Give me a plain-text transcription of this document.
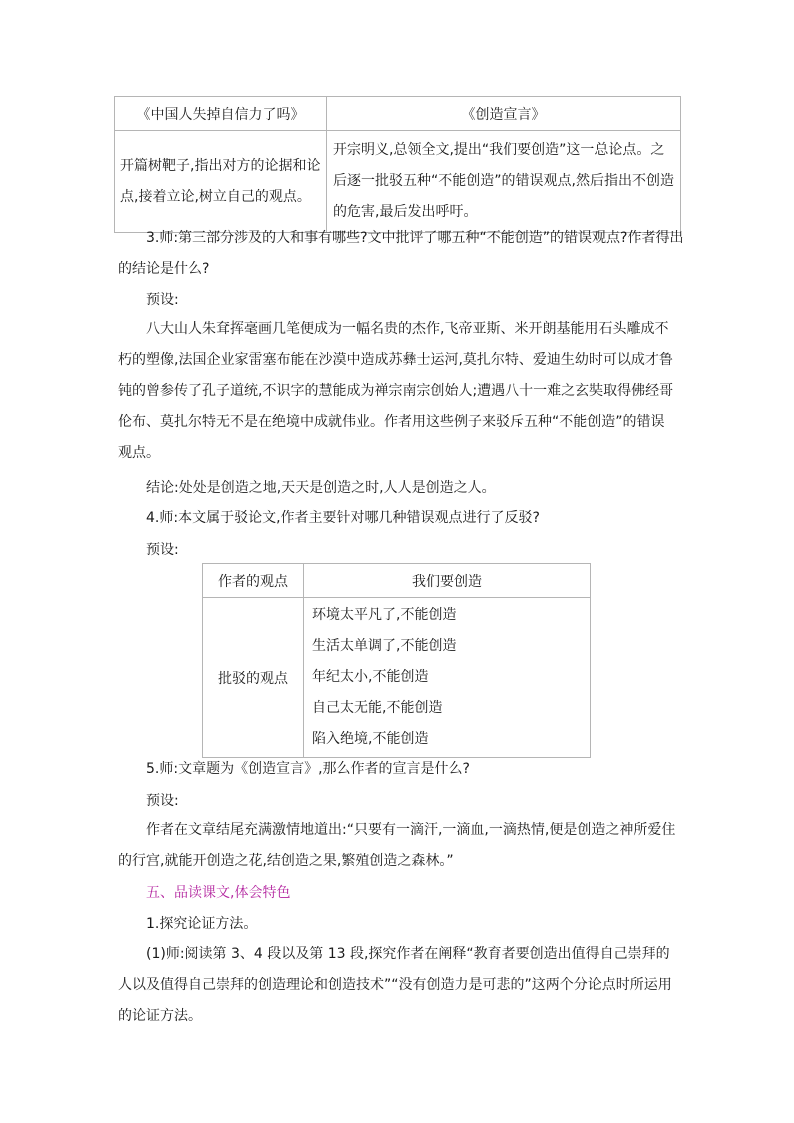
《中国人失掉自信力了吗》	《创造宣言》
开篇树靶子,指出对方的论据和论点,接着立论,树立自己的观点。	开宗明义,总领全文,提出“我们要创造”这一总论点。之后逐一批驳五种“不能创造”的错误观点,然后指出不创造的危害,最后发出呼吁。
3.师:第三部分涉及的人和事有哪些?文中批评了哪五种“不能创造”的错误观点?作者得出
的结论是什么?
预设:
八大山人朱耷挥毫画几笔便成为一幅名贵的杰作,飞帝亚斯、米开朗基能用石头雕成不朽的塑像,法国企业家雷塞布能在沙漠中造成苏彝士运河,莫扎尔特、爱迪生幼时可以成才鲁钝的曾参传了孔子道统,不识字的慧能成为禅宗南宗创始人;遭遇八十一难之玄奘取得佛经哥伦布、莫扎尔特无不是在绝境中成就伟业。作者用这些例子来驳斥五种“不能创造”的错误观点。
结论:处处是创造之地,天天是创造之时,人人是创造之人。
4.师:本文属于驳论文,作者主要针对哪几种错误观点进行了反驳?
预设:
作者的观点	我们要创造
批驳的观点	环境太平凡了,不能创造
生活太单调了,不能创造
年纪太小,不能创造
自己太无能,不能创造
陷入绝境,不能创造
5.师:文章题为《创造宣言》,那么作者的宣言是什么?
预设:
作者在文章结尾充满激情地道出:“只要有一滴汗,一滴血,一滴热情,便是创造之神所爱住的行宫,就能开创造之花,结创造之果,繁殖创造之森林。”
五、品读课文,体会特色
1.探究论证方法。
(1)师:阅读第 3、4 段以及第 13 段,探究作者在阐释“教育者要创造出值得自己崇拜的人以及值得自己崇拜的创造理论和创造技术”“没有创造力是可悲的”这两个分论点时所运用的论证方法。
